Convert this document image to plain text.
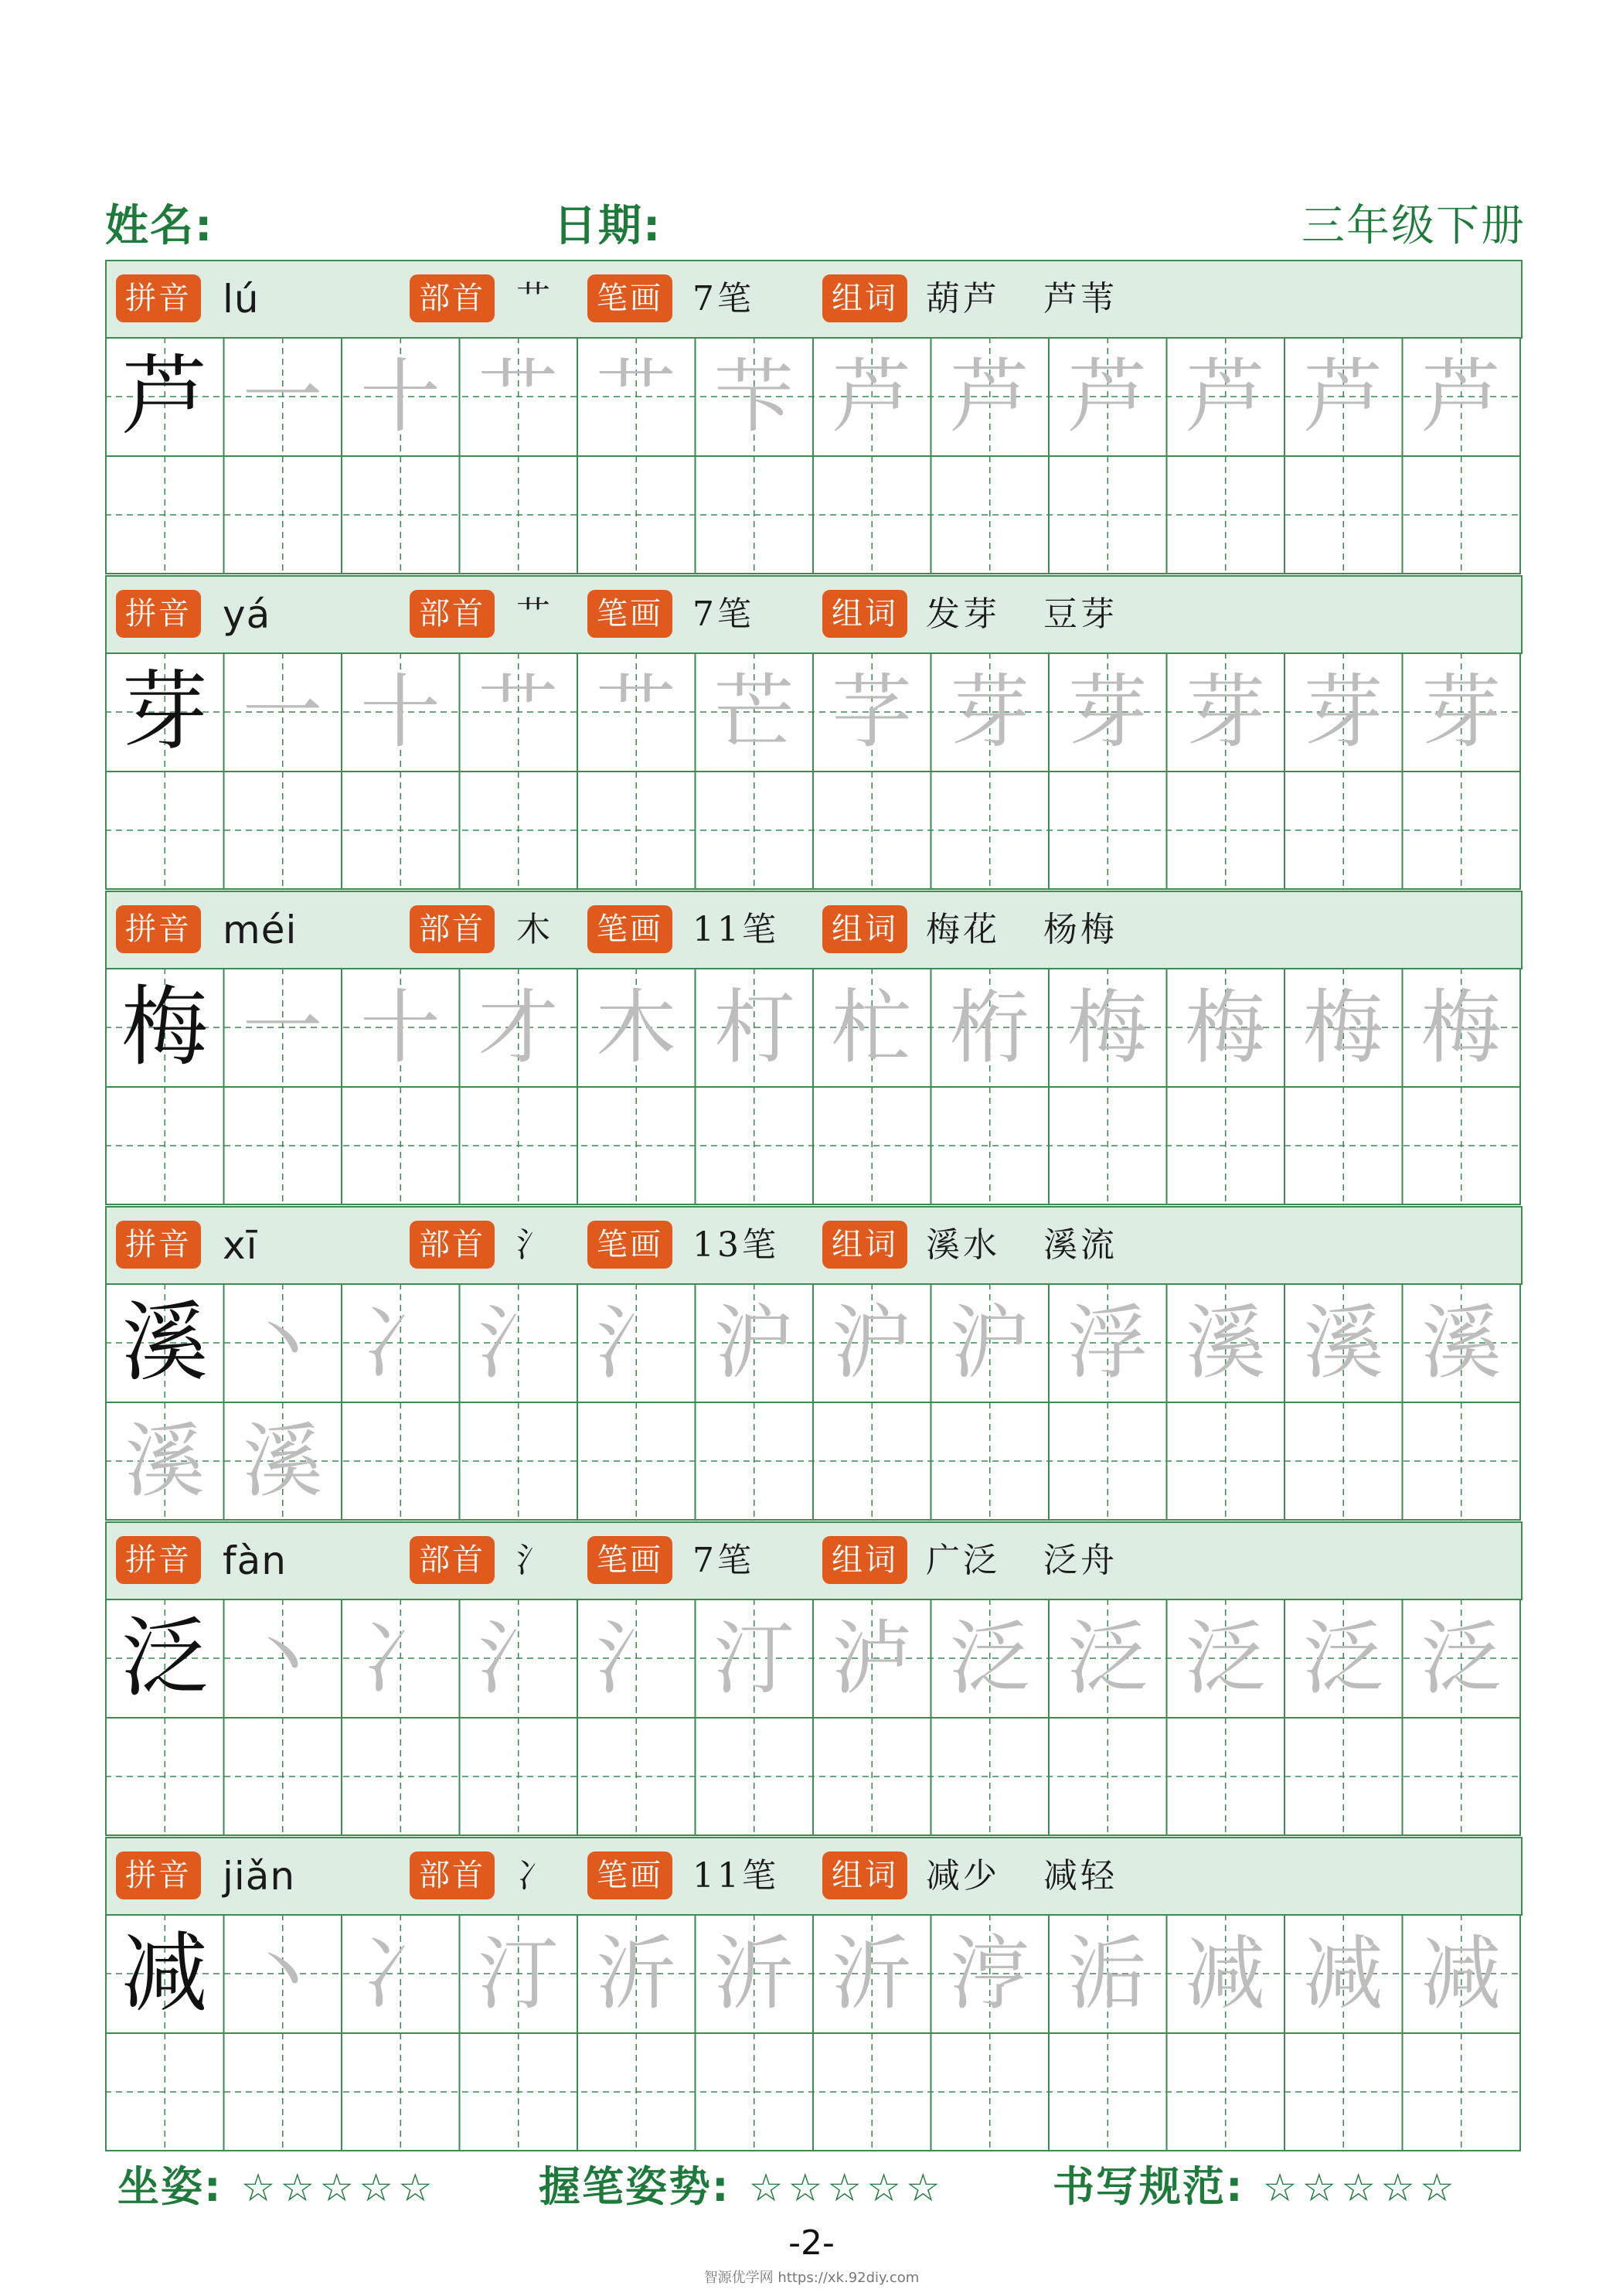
姓名:	日期:	三年级下册
拼音 lú	部首 艹	笔画 7笔	组词 葫芦 芦苇
芦 一 十 艹 艹 芐 芦 芦 芦 芦 芦 芦
拼音 yá	部首 艹	笔画 7笔	组词 发芽 豆芽
芽 一 十 艹 艹 芒 芓 芽 芽 芽 芽 芽
拼音 méi	部首 木	笔画 11笔	组词 梅花 杨梅
梅 一 十 才 木 朾 杧 桁 梅 梅 梅 梅
拼音 xī	部首 氵	笔画 13笔	组词 溪水 溪流
溪 丶 冫 氵 氵 沪 沪 沪 浮 溪 溪 溪
溪 溪
拼音 fàn	部首 氵	笔画 7笔	组词 广泛 泛舟
泛 丶 冫 氵 氵 汀 泸 泛 泛 泛 泛 泛
拼音 jiǎn	部首 冫	笔画 11笔	组词 减少 减轻
减 丶 冫 汀 沂 沂 沂 涥 洉 减 减 减
坐姿: ☆☆☆☆☆ 握笔姿势: ☆☆☆☆☆	书写规范: ☆☆☆☆☆
-2-
智源优学网 https://xk.92diy.com
